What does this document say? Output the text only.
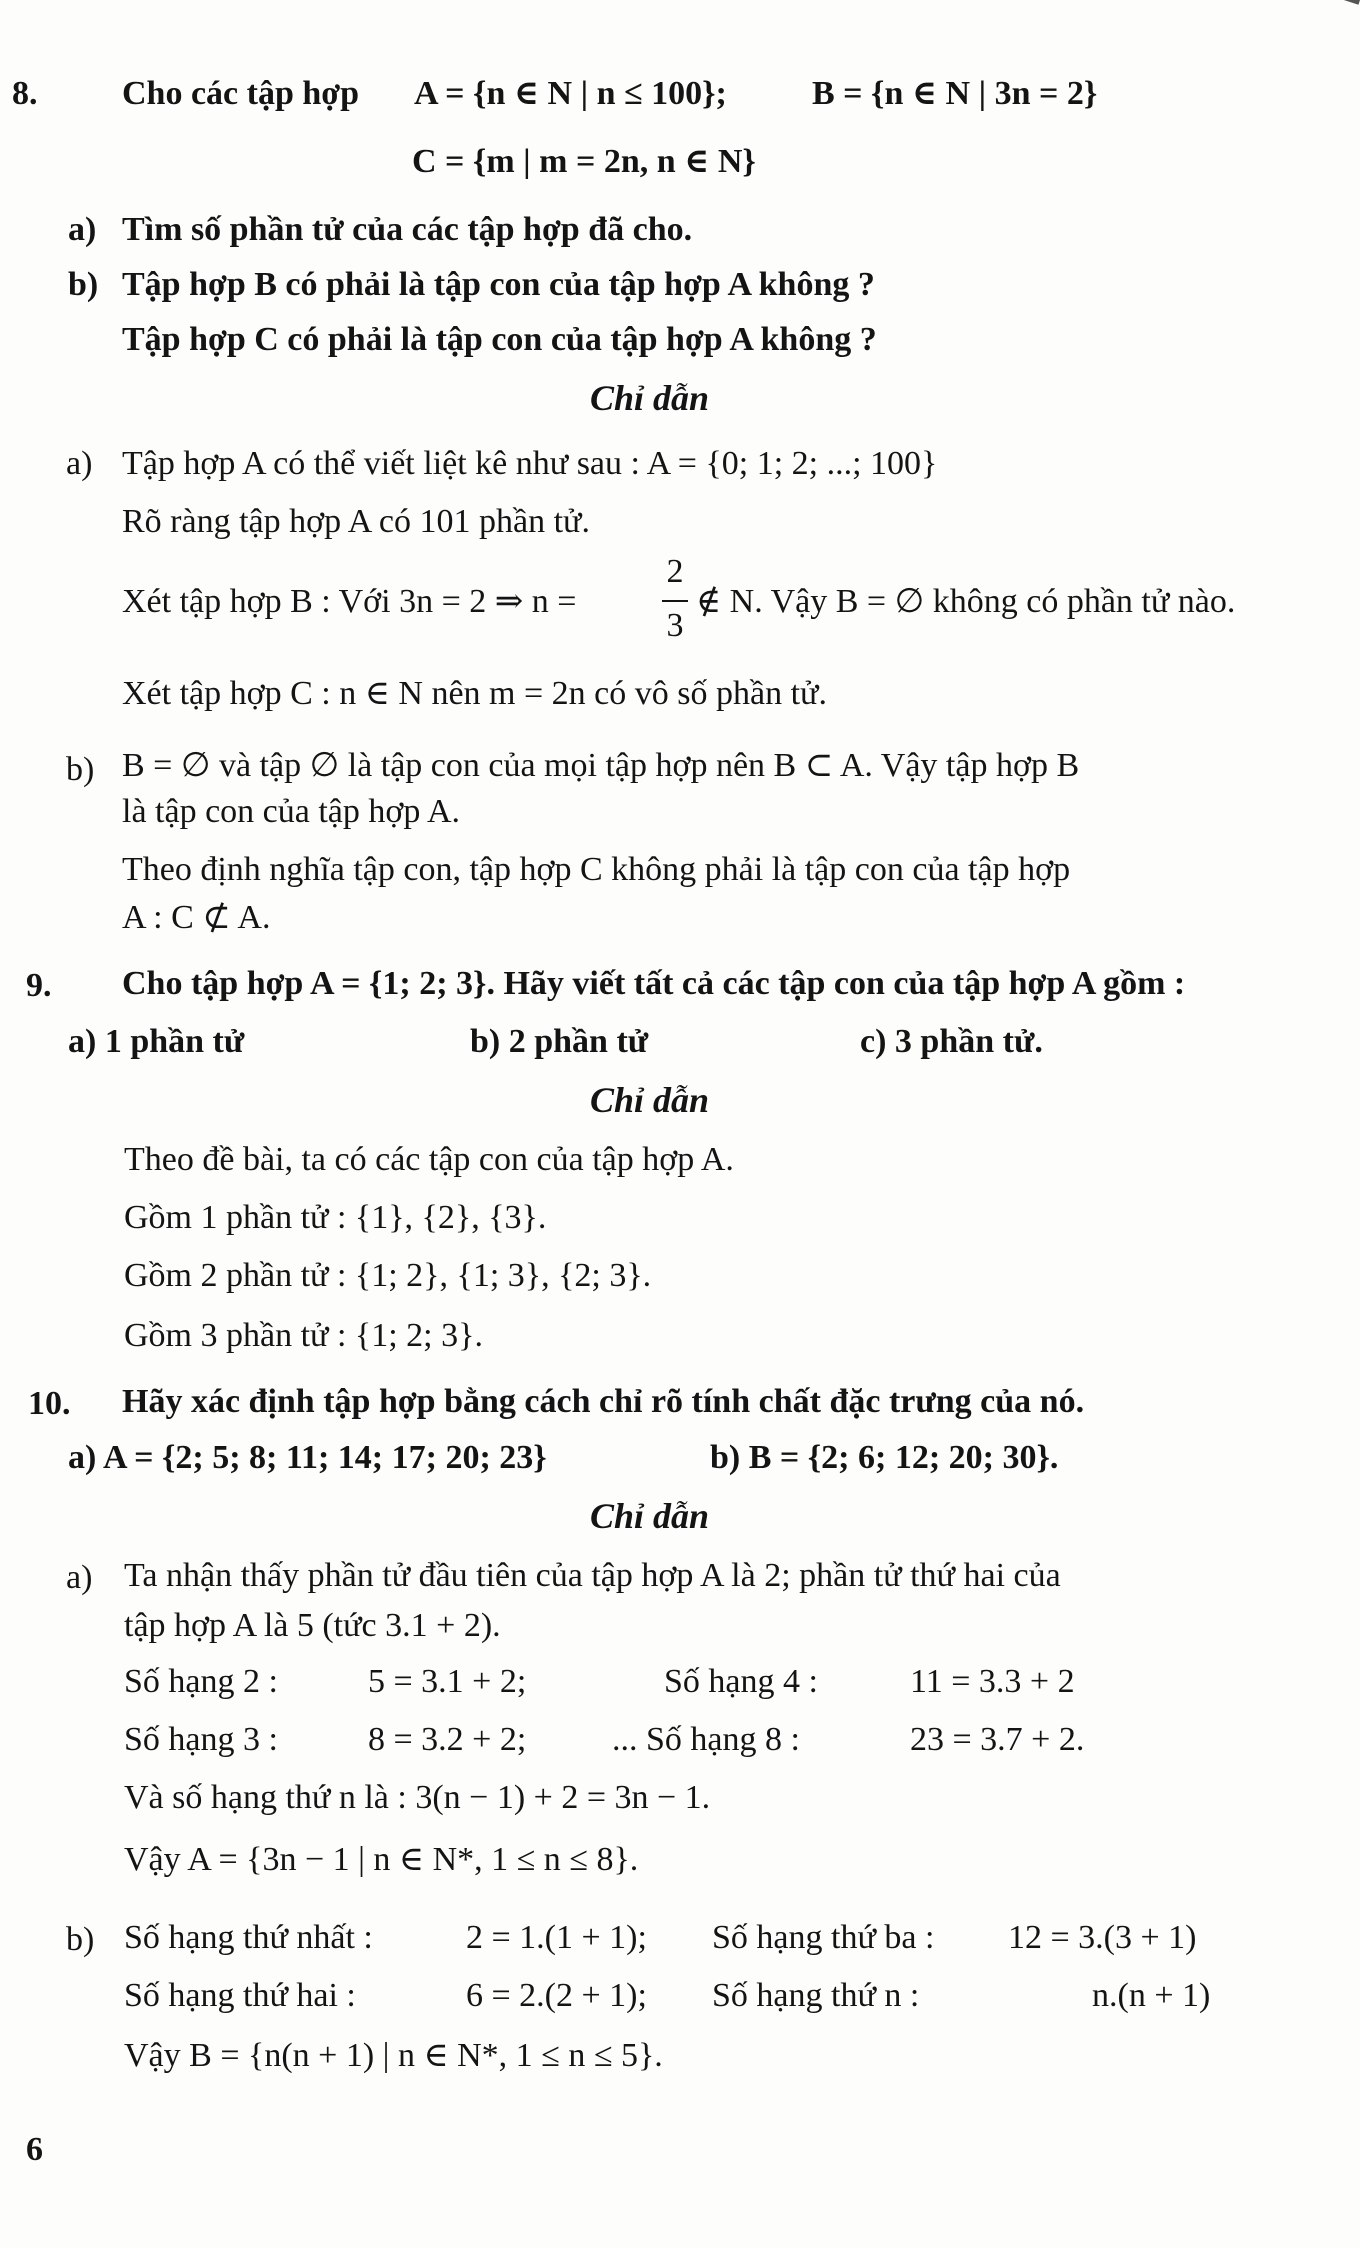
8. Cho các tập hợp A = {n ∈ N | n ≤ 100};	B = {n ∈ N | 3n = 2}
C = {m | m = 2n, n ∈ N}
a) Tìm số phần tử của các tập hợp đã cho.
b) Tập hợp B có phải là tập con của tập hợp A không ?
Tập hợp C có phải là tập con của tập hợp A không ?
Chỉ dẫn
a) Tập hợp A có thể viết liệt kê như sau : A = {0; 1; 2; ...; 100}
Rõ ràng tập hợp A có 101 phần tử.
Xét tập hợp B : Với 3n = 2 ⇒ n =
2
3
∉ N. Vậy B = ∅ không có phần tử nào.
Xét tập hợp C : n ∈ N nên m = 2n có vô số phần tử.
b) B = ∅ và tập ∅ là tập con của mọi tập hợp nên B ⊂ A. Vậy tập hợp B
là tập con của tập hợp A.
Theo định nghĩa tập con, tập hợp C không phải là tập con của tập hợp
A : C ⊄ A.
9. Cho tập hợp A = {1; 2; 3}. Hãy viết tất cả các tập con của tập hợp A gồm :
a) 1 phần tử	b) 2 phần tử	c) 3 phần tử.
Chỉ dẫn
Theo đề bài, ta có các tập con của tập hợp A.
Gồm 1 phần tử : {1}, {2}, {3}.
Gồm 2 phần tử : {1; 2}, {1; 3}, {2; 3}.
Gồm 3 phần tử : {1; 2; 3}.
10. Hãy xác định tập hợp bằng cách chỉ rõ tính chất đặc trưng của nó.
a) A = {2; 5; 8; 11; 14; 17; 20; 23}	b) B = {2; 6; 12; 20; 30}.
Chỉ dẫn
a) Ta nhận thấy phần tử đầu tiên của tập hợp A là 2; phần tử thứ hai của
tập hợp A là 5 (tức 3.1 + 2).
Số hạng 2 :	5 = 3.1 + 2;	Số hạng 4 :	11 = 3.3 + 2
Số hạng 3 :	8 = 3.2 + 2;	... Số hạng 8 :	23 = 3.7 + 2.
Và số hạng thứ n là : 3(n − 1) + 2 = 3n − 1.
Vậy A = {3n − 1 | n ∈ N*, 1 ≤ n ≤ 8}.
b) Số hạng thứ nhất :	2 = 1.(1 + 1); Số hạng thứ ba : 12 = 3.(3 + 1)
Số hạng thứ hai :	6 = 2.(2 + 1); Số hạng thứ n :	n.(n + 1)
Vậy B = {n(n + 1) | n ∈ N*, 1 ≤ n ≤ 5}.
6
